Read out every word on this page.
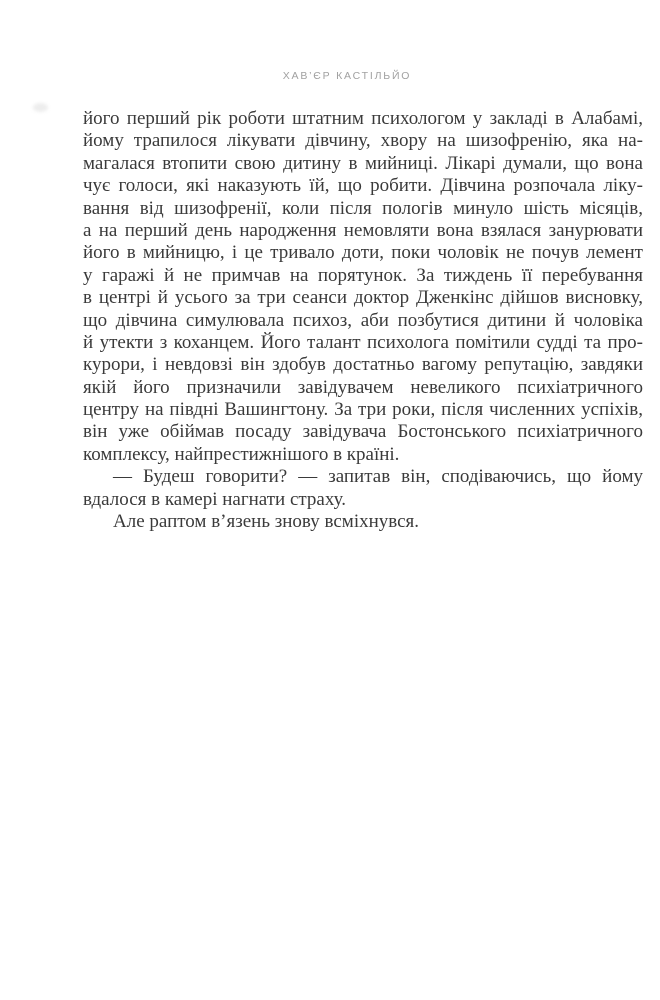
ХАВ’ЄР КАСТІЛЬЙО
його перший рік роботи штатним психологом у закладі в Алабамі,
йому трапилося лікувати дівчину, хвору на шизофренію, яка на-
магалася втопити свою дитину в мийниці. Лікарі думали, що вона
чує голоси, які наказують їй, що робити. Дівчина розпочала ліку-
вання від шизофренії, коли після пологів минуло шість місяців,
а на перший день народження немовляти вона взялася занурювати
його в мийницю, і це тривало доти, поки чоловік не почув лемент
у гаражі й не примчав на порятунок. За тиждень її перебування
в центрі й усього за три сеанси доктор Дженкінс дійшов висновку,
що дівчина симулювала психоз, аби позбутися дитини й чоловіка
й утекти з коханцем. Його талант психолога помітили судді та про-
курори, і невдовзі він здобув достатньо вагому репутацію, завдяки
якій його призначили завідувачем невеликого психіатричного
центру на півдні Вашингтону. За три роки, після численних успіхів,
він уже обіймав посаду завідувача Бостонського психіатричного
комплексу, найпрестижнішого в країні.
— Будеш говорити? — запитав він, сподіваючись, що йому
вдалося в камері нагнати страху.
Але раптом в’язень знову всміхнувся.
